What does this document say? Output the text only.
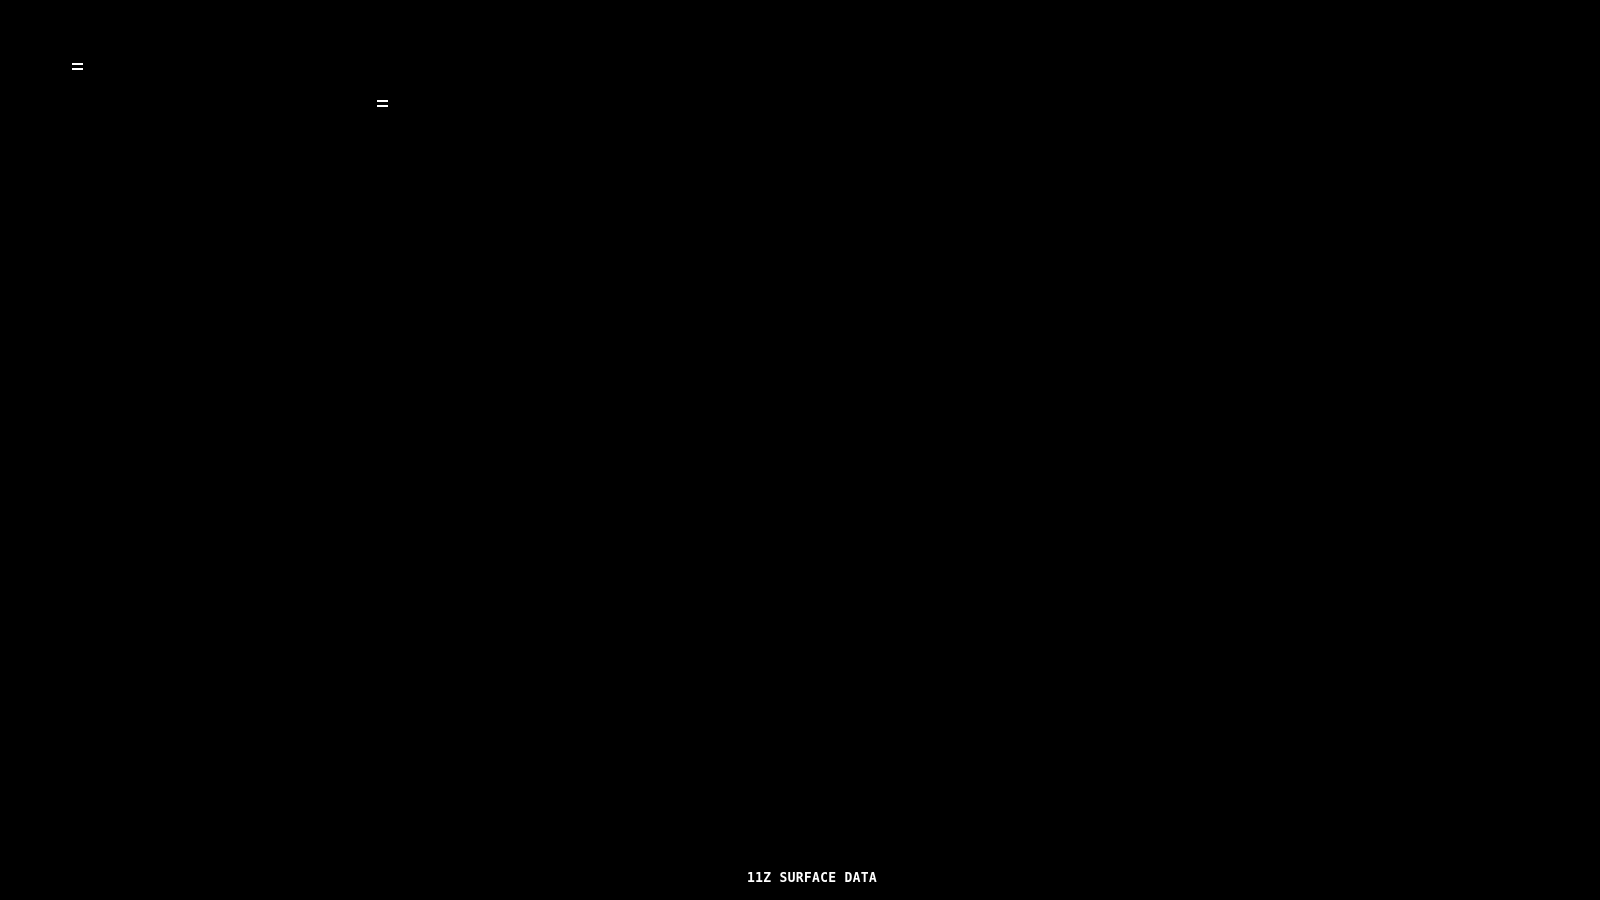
11Z SURFACE DATA
